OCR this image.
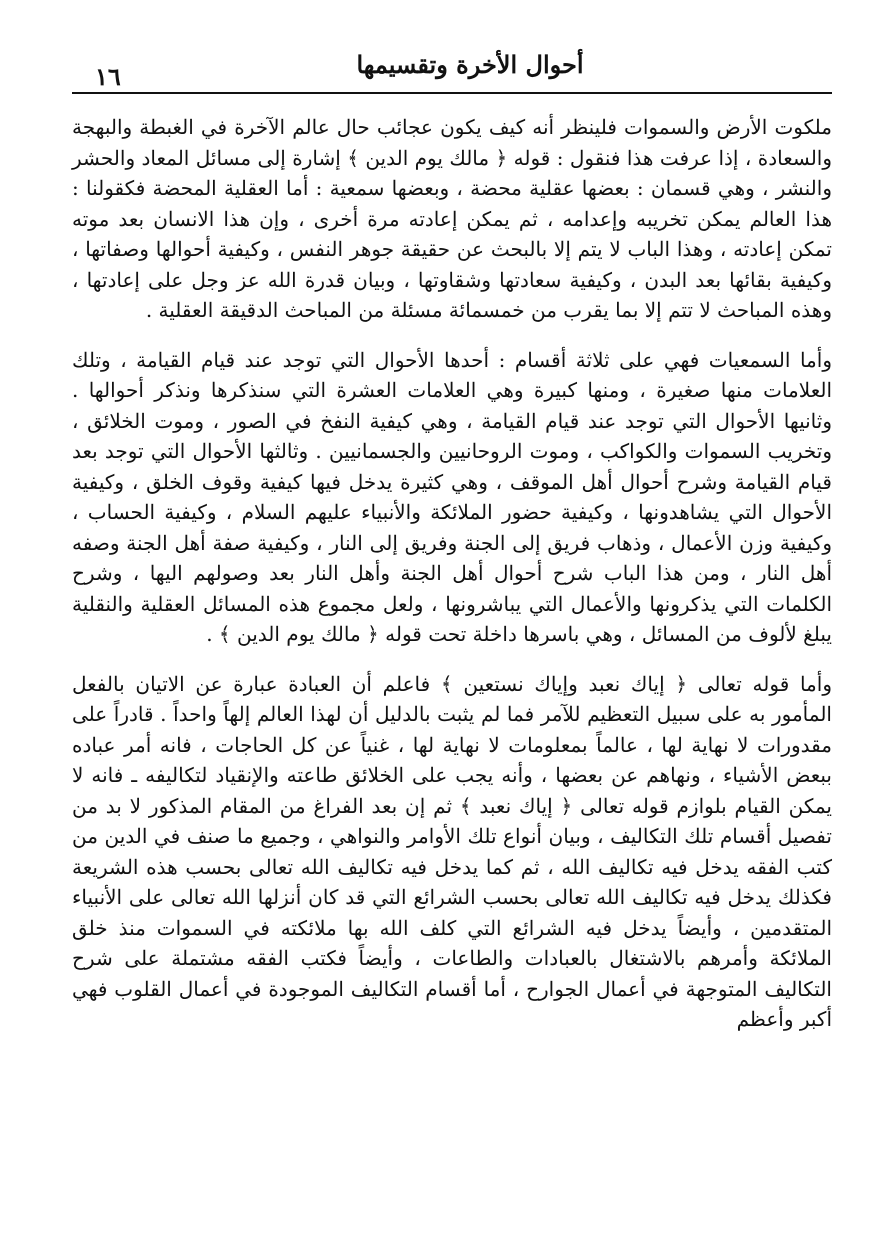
١٦	أحوال الأخرة وتقسيمها

ملكوت الأرض والسموات فلينظر أنه كيف يكون عجائب حال عالم الآخرة في الغبطة والبهجة والسعادة ، إذا عرفت هذا فنقول : قوله ﴿ مالك يوم الدين ﴾ إشارة إلى مسائل المعاد والحشر والنشر ، وهي قسمان : بعضها عقلية محضة ، وبعضها سمعية : أما العقلية المحضة فكقولنا : هذا العالم يمكن تخريبه وإعدامه ، ثم يمكن إعادته مرة أخرى ، وإن هذا الانسان بعد موته تمكن إعادته ، وهذا الباب لا يتم إلا بالبحث عن حقيقة جوهر النفس ، وكيفية أحوالها وصفاتها ، وكيفية بقائها بعد البدن ، وكيفية سعادتها وشقاوتها ، وبيان قدرة الله عز وجل على إعادتها ، وهذه المباحث لا تتم إلا بما يقرب من خمسمائة مسئلة من المباحث الدقيقة العقلية .

وأما السمعيات فهي على ثلاثة أقسام : أحدها الأحوال التي توجد عند قيام القيامة ، وتلك العلامات منها صغيرة ، ومنها كبيرة وهي العلامات العشرة التي سنذكرها ونذكر أحوالها . وثانيها الأحوال التي توجد عند قيام القيامة ، وهي كيفية النفخ في الصور ، وموت الخلائق ، وتخريب السموات والكواكب ، وموت الروحانيين والجسمانيين . وثالثها الأحوال التي توجد بعد قيام القيامة وشرح أحوال أهل الموقف ، وهي كثيرة يدخل فيها كيفية وقوف الخلق ، وكيفية الأحوال التي يشاهدونها ، وكيفية حضور الملائكة والأنبياء عليهم السلام ، وكيفية الحساب ، وكيفية وزن الأعمال ، وذهاب فريق إلى الجنة وفريق إلى النار ، وكيفية صفة أهل الجنة وصفه أهل النار ، ومن هذا الباب شرح أحوال أهل الجنة وأهل النار بعد وصولهم اليها ، وشرح الكلمات التي يذكرونها والأعمال التي يباشرونها ، ولعل مجموع هذه المسائل العقلية والنقلية يبلغ لألوف من المسائل ، وهي باسرها داخلة تحت قوله ﴿ مالك يوم الدين ﴾ .

وأما قوله تعالى ﴿ إياك نعبد وإياك نستعين ﴾ فاعلم أن العبادة عبارة عن الاتيان بالفعل المأمور به على سبيل التعظيم للآمر فما لم يثبت بالدليل أن لهذا العالم إلهاً واحداً . قادراً على مقدورات لا نهاية لها ، عالماً بمعلومات لا نهاية لها ، غنياً عن كل الحاجات ، فانه أمر عباده ببعض الأشياء ، ونهاهم عن بعضها ، وأنه يجب على الخلائق طاعته والإنقياد لتكاليفه ـ فانه لا يمكن القيام بلوازم قوله تعالى ﴿ إياك نعبد ﴾ ثم إن بعد الفراغ من المقام المذكور لا بد من تفصيل أقسام تلك التكاليف ، وبيان أنواع تلك الأوامر والنواهي ، وجميع ما صنف في الدين من كتب الفقه يدخل فيه تكاليف الله ، ثم كما يدخل فيه تكاليف الله تعالى بحسب هذه الشريعة فكذلك يدخل فيه تكاليف الله تعالى بحسب الشرائع التي قد كان أنزلها الله تعالى على الأنبياء المتقدمين ، وأيضاً يدخل فيه الشرائع التي كلف الله بها ملائكته في السموات منذ خلق الملائكة وأمرهم بالاشتغال بالعبادات والطاعات ، وأيضاً فكتب الفقه مشتملة على شرح التكاليف المتوجهة في أعمال الجوارح ، أما أقسام التكاليف الموجودة في أعمال القلوب فهي أكبر وأعظم
